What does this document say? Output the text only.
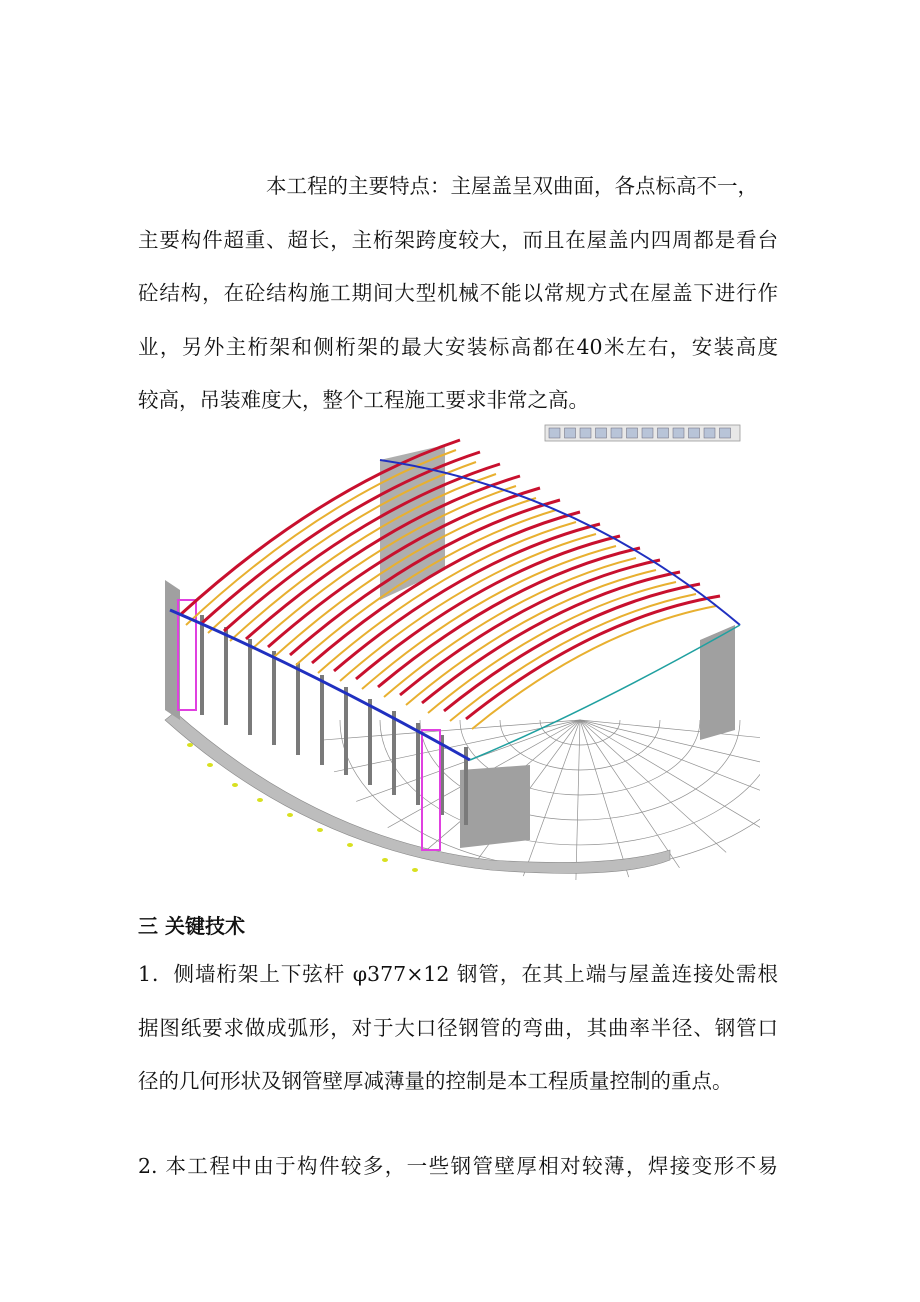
本工程的主要特点：主屋盖呈双曲面，各点标高不一，
主要构件超重、超长，主桁架跨度较大，而且在屋盖内四周都是看台
砼结构，在砼结构施工期间大型机械不能以常规方式在屋盖下进行作
业，另外主桁架和侧桁架的最大安装标高都在40米左右，安装高度
较高，吊装难度大，整个工程施工要求非常之高。
三 关键技术
1．侧墙桁架上下弦杆 φ377×12 钢管，在其上端与屋盖连接处需根
据图纸要求做成弧形，对于大口径钢管的弯曲，其曲率半径、钢管口
径的几何形状及钢管壁厚减薄量的控制是本工程质量控制的重点。
2. 本工程中由于构件较多，一些钢管壁厚相对较薄，焊接变形不易
